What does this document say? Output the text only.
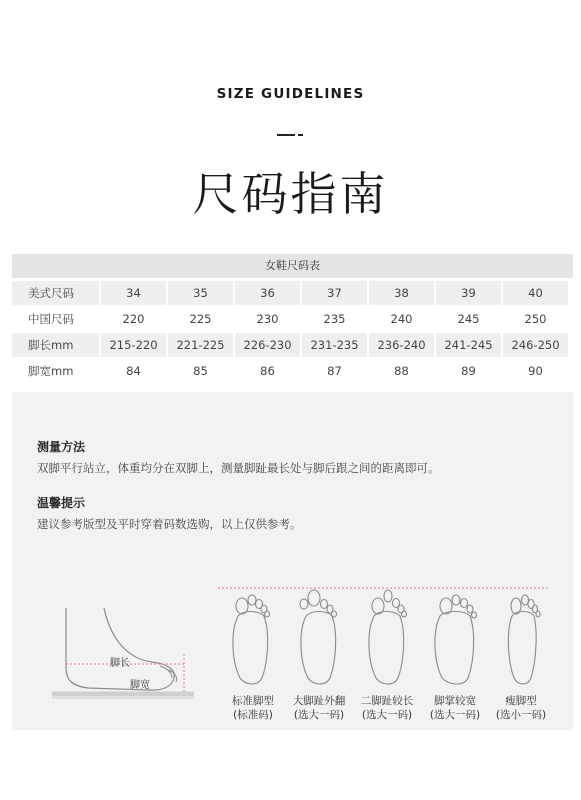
SIZE GUIDELINES
尺码指南
女鞋尺码表
美式尺码	34	35	36	37	38	39	40
中国尺码	220	225	230	235	240	245	250
脚长mm	215-220	221-225	226-230	231-235	236-240	241-245	246-250
脚宽mm	84	85	86	87	88	89	90
测量方法
双脚平行站立，体重均分在双脚上，测量脚趾最长处与脚后跟之间的距离即可。
温馨提示
建议参考版型及平时穿着码数选购，以上仅供参考。
脚长
脚宽
标准脚型
(标准码)
大脚趾外翻
(选大一码)
二脚趾较长
(选大一码)
脚掌较宽
(选大一码)
瘦脚型
(选小一码)
